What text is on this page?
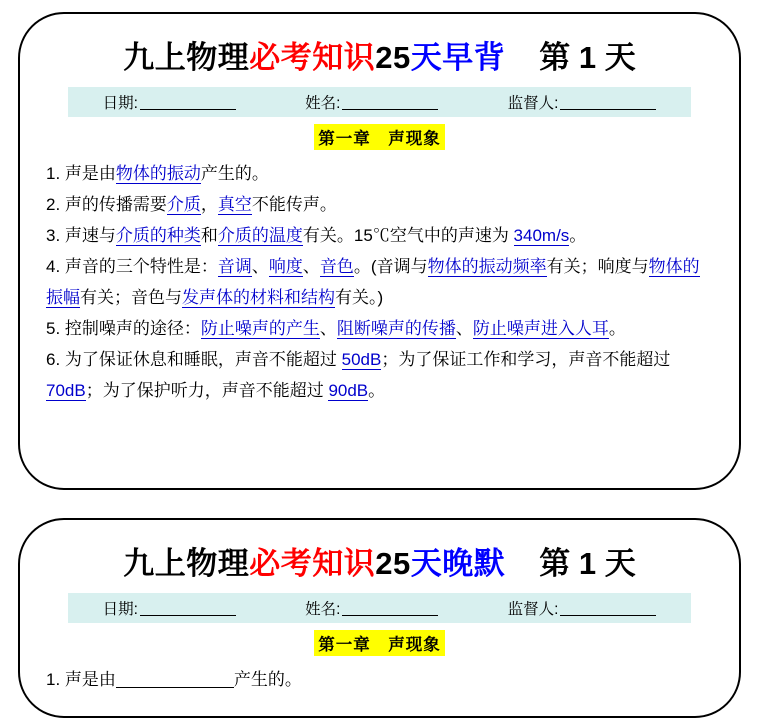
九上物理必考知识25天早背 第 1 天
日期:	姓名:	监督人:
第一章　声现象
1. 声是由物体的振动产生的。
2. 声的传播需要介质，真空不能传声。
3. 声速与介质的种类和介质的温度有关。15℃空气中的声速为 340m/s。
4. 声音的三个特性是：音调、响度、音色。(音调与物体的振动频率有关；响度与物体的振幅有关；音色与发声体的材料和结构有关。)
5. 控制噪声的途径：防止噪声的产生、阻断噪声的传播、防止噪声进入人耳。
6. 为了保证休息和睡眠，声音不能超过 50dB；为了保证工作和学习，声音不能超过 70dB；为了保护听力，声音不能超过 90dB。
九上物理必考知识25天晚默 第 1 天
日期:	姓名:	监督人:
第一章　声现象
1. 声是由	产生的。
